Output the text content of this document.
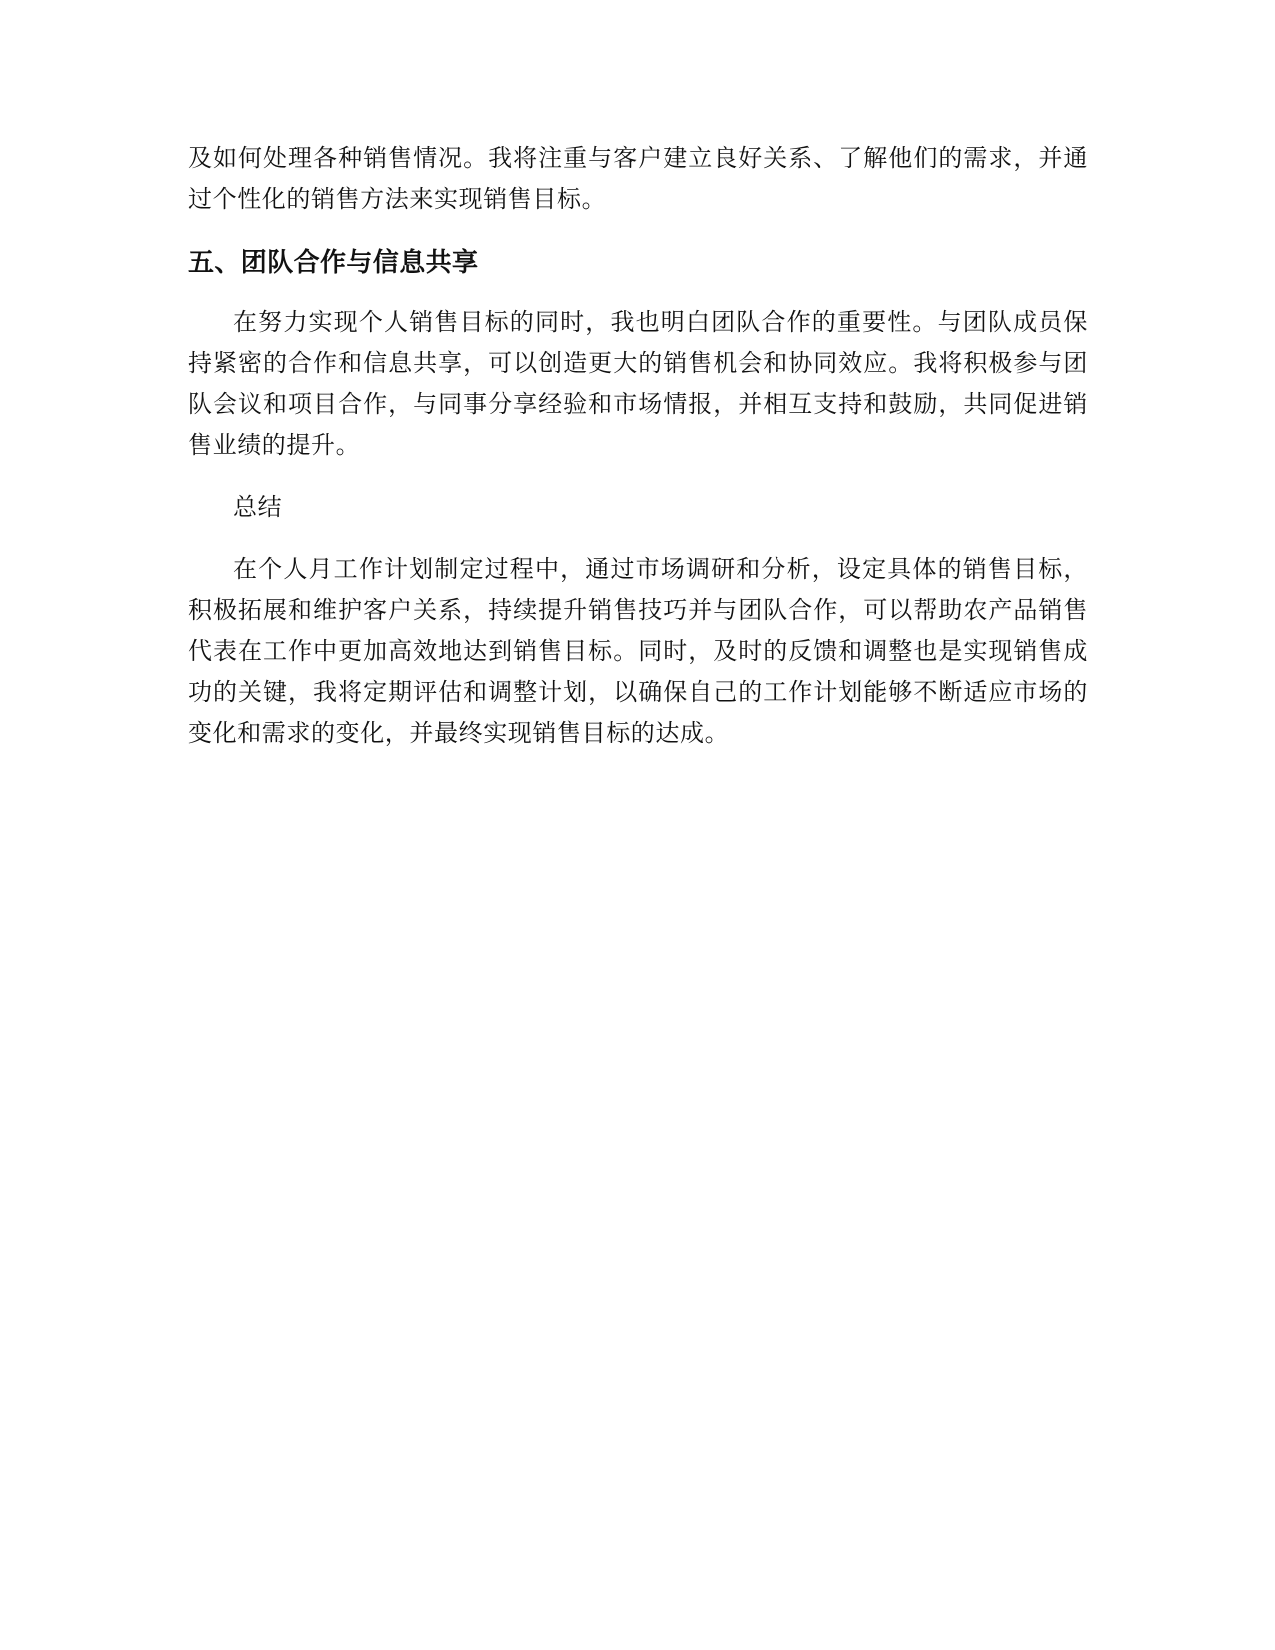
及如何处理各种销售情况。我将注重与客户建立良好关系、了解他们的需求，并通过个性化的销售方法来实现销售目标。

五、团队合作与信息共享

在努力实现个人销售目标的同时，我也明白团队合作的重要性。与团队成员保持紧密的合作和信息共享，可以创造更大的销售机会和协同效应。我将积极参与团队会议和项目合作，与同事分享经验和市场情报，并相互支持和鼓励，共同促进销售业绩的提升。

总结

在个人月工作计划制定过程中，通过市场调研和分析，设定具体的销售目标，积极拓展和维护客户关系，持续提升销售技巧并与团队合作，可以帮助农产品销售代表在工作中更加高效地达到销售目标。同时，及时的反馈和调整也是实现销售成功的关键，我将定期评估和调整计划，以确保自己的工作计划能够不断适应市场的变化和需求的变化，并最终实现销售目标的达成。
